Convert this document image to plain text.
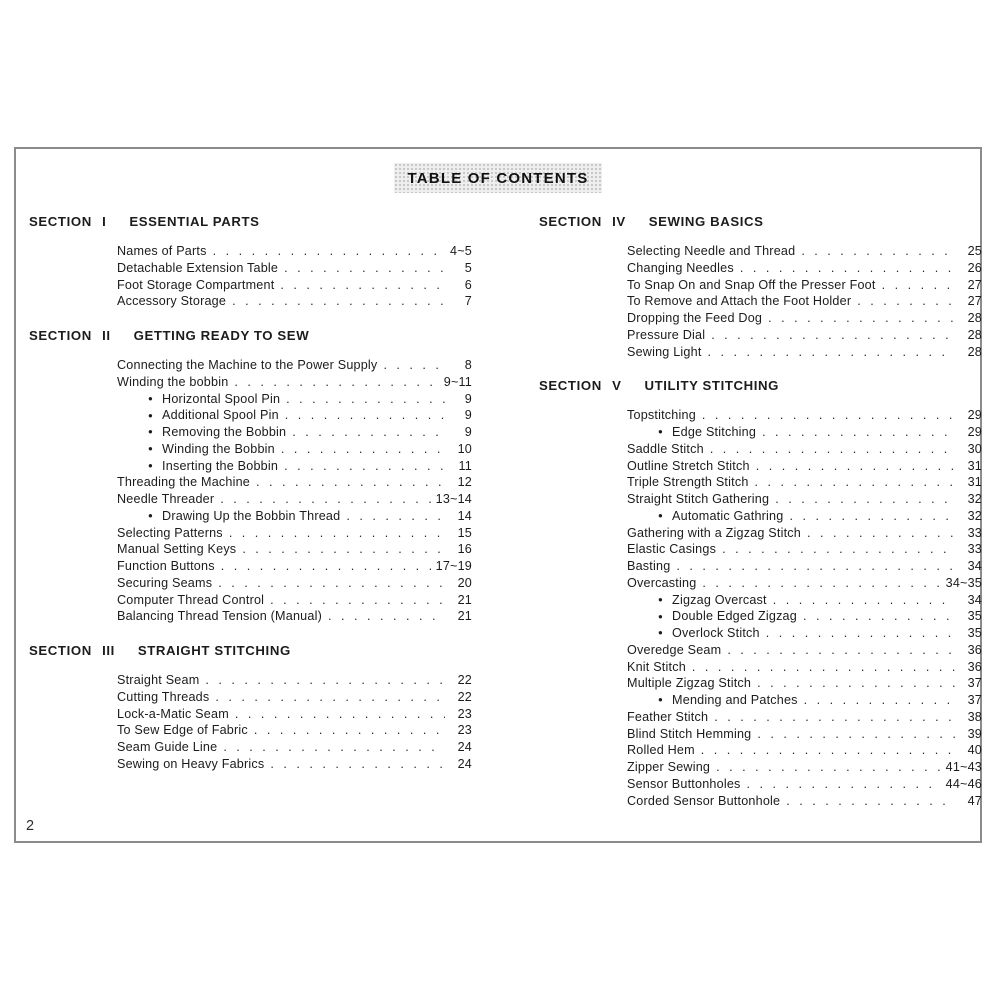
TABLE OF CONTENTS
SECTION I ESSENTIAL PARTS
Names of Parts . . .	4~5
Detachable Extension Table . . .	5
Foot Storage Compartment . . .	6
Accessory Storage . . .	7
SECTION II GETTING READY TO SEW
Connecting the Machine to the Power Supply . . .	8
Winding the bobbin . . .	9~11
● Horizontal Spool Pin . . .	9
● Additional Spool Pin . . .	9
● Removing the Bobbin . . .	9
● Winding the Bobbin . . .	10
● Inserting the Bobbin . . .	11
Threading the Machine . . .	12
Needle Threader . . .	13~14
● Drawing Up the Bobbin Thread . . .	14
Selecting Patterns . . .	15
Manual Setting Keys . . .	16
Function Buttons . . .	17~19
Securing Seams . . .	20
Computer Thread Control . . .	21
Balancing Thread Tension (Manual) . . .	21
SECTION III STRAIGHT STITCHING
Straight Seam . . .	22
Cutting Threads . . .	22
Lock-a-Matic Seam . . .	23
To Sew Edge of Fabric . . .	23
Seam Guide Line . . .	24
Sewing on Heavy Fabrics . . .	24
SECTION IV SEWING BASICS
Selecting Needle and Thread . . .	25
Changing Needles . . .	26
To Snap On and Snap Off the Presser Foot . . .	27
To Remove and Attach the Foot Holder . . .	27
Dropping the Feed Dog . . .	28
Pressure Dial . . .	28
Sewing Light . . .	28
SECTION V UTILITY STITCHING
Topstitching . . .	29
● Edge Stitching . . .	29
Saddle Stitch . . .	30
Outline Stretch Stitch . . .	31
Triple Strength Stitch . . .	31
Straight Stitch Gathering . . .	32
● Automatic Gathring . . .	32
Gathering with a Zigzag Stitch . . .	33
Elastic Casings . . .	33
Basting . . .	34
Overcasting . . .	34~35
● Zigzag Overcast . . .	34
● Double Edged Zigzag . . .	35
● Overlock Stitch . . .	35
Overedge Seam . . .	36
Knit Stitch . . .	36
Multiple Zigzag Stitch . . .	37
● Mending and Patches . . .	37
Feather Stitch . . .	38
Blind Stitch Hemming . . .	39
Rolled Hem . . .	40
Zipper Sewing . . .	41~43
Sensor Buttonholes . . .	44~46
Corded Sensor Buttonhole . . .	47
2
